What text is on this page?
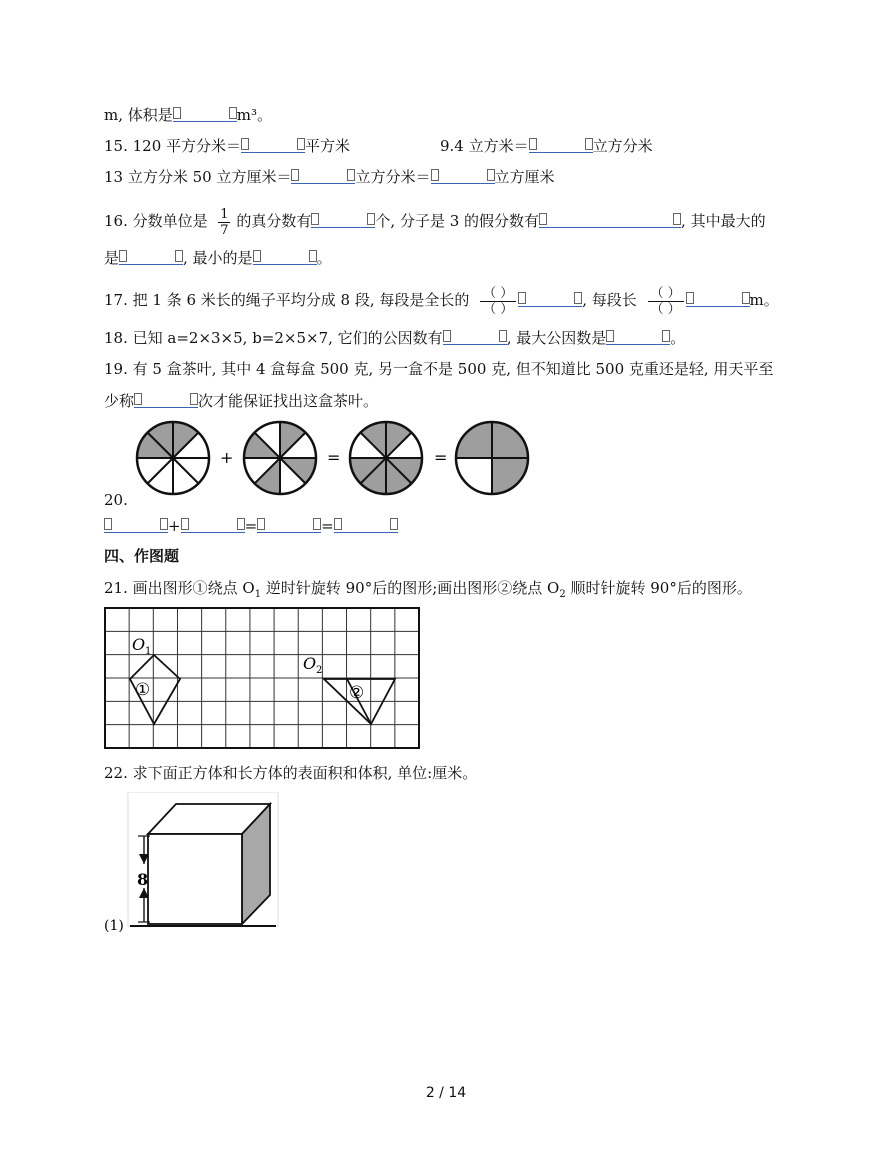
m, 体积是	m³。
15. 120 平方分米＝	平方米	9.4 立方米＝	立方分米
13 立方分米 50 立方厘米＝	立方分米＝	立方厘米
16. 分数单位是 $\frac{1}{7}$ 的真分数有	个, 分子是 3 的假分数有	, 其中最大的
是	, 最小的是	。
17. 把 1 条 6 米长的绳子平均分成 8 段, 每段是全长的 $\frac{( )}{( )}$	, 每段长 $\frac{( )}{( )}$	m。
18. 已知 a=2×3×5, b=2×5×7, 它们的公因数有	, 最大公因数是	。
19. 有 5 盒茶叶, 其中 4 盒每盒 500 克, 另一盒不是 500 克, 但不知道比 500 克重还是轻, 用天平至
少称	次才能保证找出这盒茶叶。
+	=	=
20.
+	=	=
四、作图题
21. 画出图形①绕点 $O_1$ 逆时针旋转 90°后的图形;画出图形②绕点 $O_2$ 顺时针旋转 90°后的图形。
O 1
①
O 2
②
22. 求下面正方体和长方体的表面积和体积, 单位:厘米。
8
(1)
2 / 14
